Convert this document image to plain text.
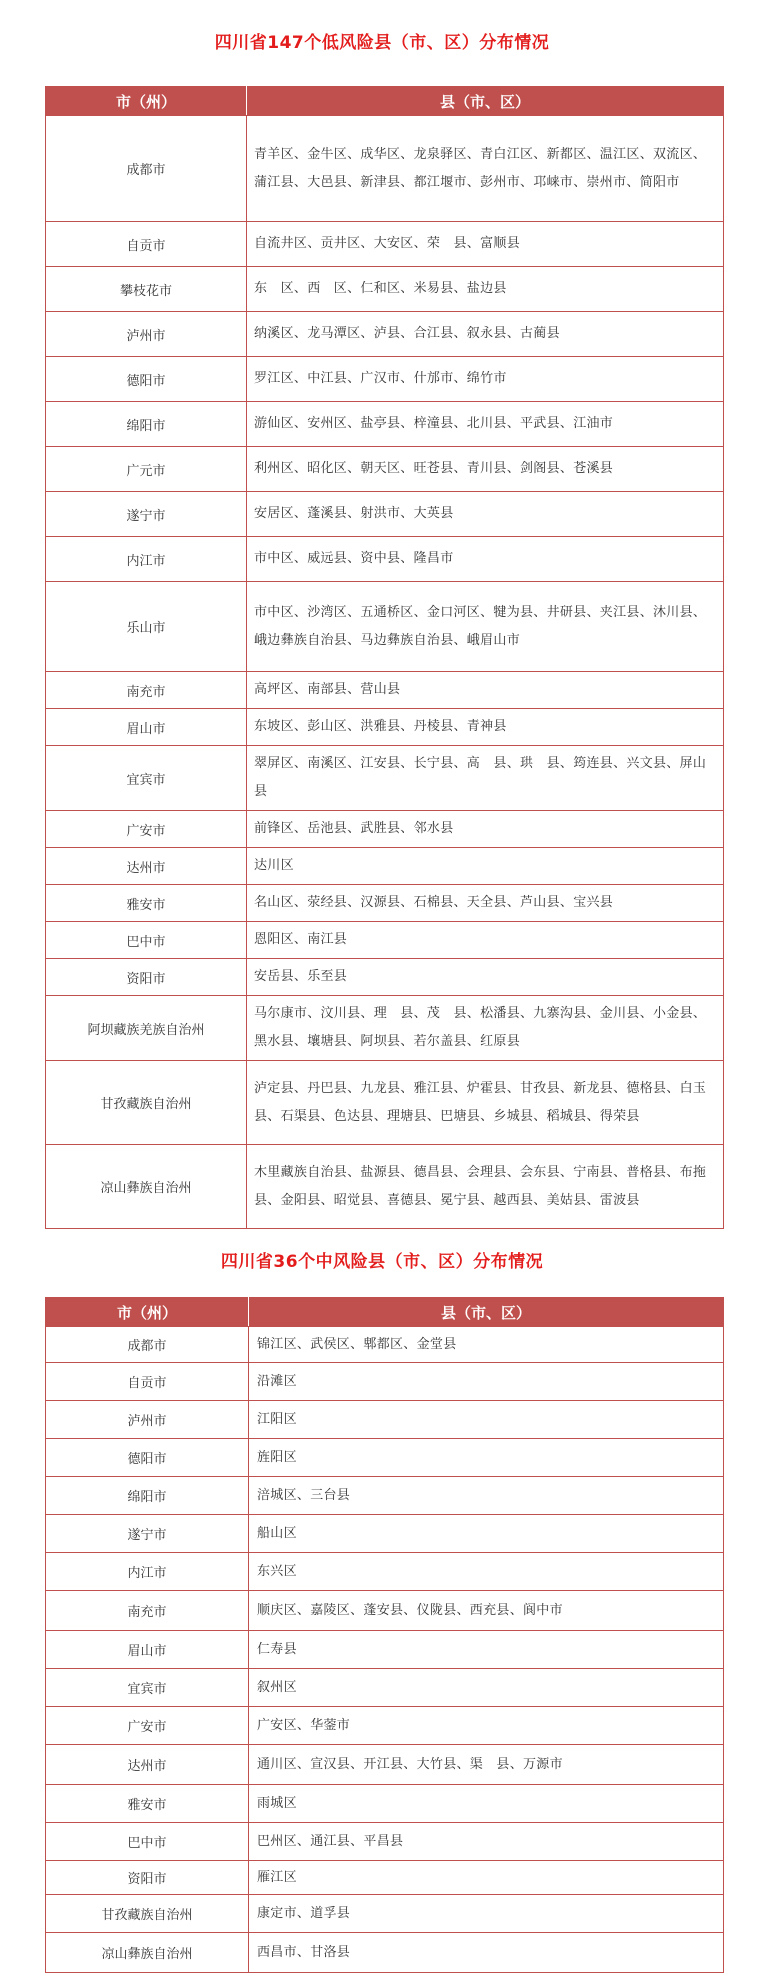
四川省147个低风险县（市、区）分布情况
市（州）	县（市、区）
成都市	青羊区、金牛区、成华区、龙泉驿区、青白江区、新都区、温江区、双流区、蒲江县、大邑县、新津县、都江堰市、彭州市、邛崃市、崇州市、简阳市
自贡市	自流井区、贡井区、大安区、荣　县、富顺县
攀枝花市	东　区、西　区、仁和区、米易县、盐边县
泸州市	纳溪区、龙马潭区、泸县、合江县、叙永县、古蔺县
德阳市	罗江区、中江县、广汉市、什邡市、绵竹市
绵阳市	游仙区、安州区、盐亭县、梓潼县、北川县、平武县、江油市
广元市	利州区、昭化区、朝天区、旺苍县、青川县、剑阁县、苍溪县
遂宁市	安居区、蓬溪县、射洪市、大英县
内江市	市中区、威远县、资中县、隆昌市
乐山市	市中区、沙湾区、五通桥区、金口河区、犍为县、井研县、夹江县、沐川县、峨边彝族自治县、马边彝族自治县、峨眉山市
南充市	高坪区、南部县、营山县
眉山市	东坡区、彭山区、洪雅县、丹棱县、青神县
宜宾市	翠屏区、南溪区、江安县、长宁县、高　县、珙　县、筠连县、兴文县、屏山县
广安市	前锋区、岳池县、武胜县、邻水县
达州市	达川区
雅安市	名山区、荥经县、汉源县、石棉县、天全县、芦山县、宝兴县
巴中市	恩阳区、南江县
资阳市	安岳县、乐至县
阿坝藏族羌族自治州	马尔康市、汶川县、理　县、茂　县、松潘县、九寨沟县、金川县、小金县、黑水县、壤塘县、阿坝县、若尔盖县、红原县
甘孜藏族自治州	泸定县、丹巴县、九龙县、雅江县、炉霍县、甘孜县、新龙县、德格县、白玉县、石渠县、色达县、理塘县、巴塘县、乡城县、稻城县、得荣县
凉山彝族自治州	木里藏族自治县、盐源县、德昌县、会理县、会东县、宁南县、普格县、布拖县、金阳县、昭觉县、喜德县、冕宁县、越西县、美姑县、雷波县
四川省36个中风险县（市、区）分布情况
市（州）	县（市、区）
成都市	锦江区、武侯区、郫都区、金堂县
自贡市	沿滩区
泸州市	江阳区
德阳市	旌阳区
绵阳市	涪城区、三台县
遂宁市	船山区
内江市	东兴区
南充市	顺庆区、嘉陵区、蓬安县、仪陇县、西充县、阆中市
眉山市	仁寿县
宜宾市	叙州区
广安市	广安区、华蓥市
达州市	通川区、宣汉县、开江县、大竹县、渠　县、万源市
雅安市	雨城区
巴中市	巴州区、通江县、平昌县
资阳市	雁江区
甘孜藏族自治州	康定市、道孚县
凉山彝族自治州	西昌市、甘洛县
